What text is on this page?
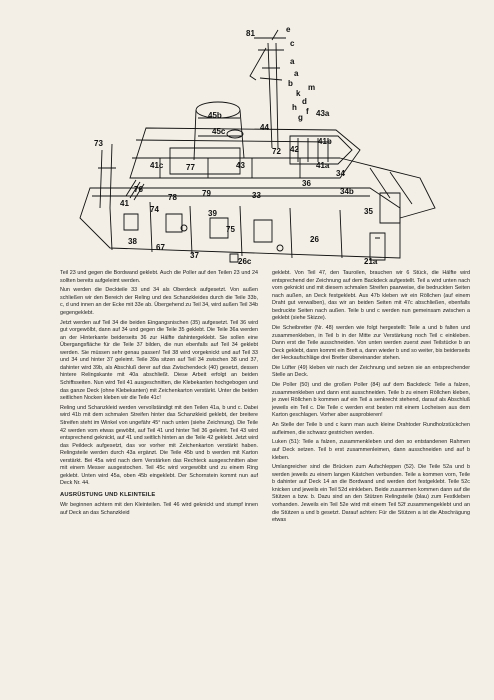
81	e
c
a
a
b
k
d
m
h f
g 43a
45b
45c	44
73
72 42
41b
41a
34
36
34b
35
41c	77	43
76
78
41
74
79	33
39
38
67
75
26
21a
26c
37

Teil 23 und gegen die Bordwand geklebt. Auch die Poller auf den Teilen 23 und 24 sollten bereits aufgeleimt werden.

Nun werden die Deckteile 33 und 34 als Oberdeck aufgesetzt. Von außen schließen wir den Bereich der Reling und des Schanzkleides durch die Teile 33b, c, d und innen an der Ecke mit 33e ab. Übergehend zu Teil 34, wird außen Teil 34b gegengeklebt.

Jetzt werden auf Teil 34 die beiden Eingangsnischen (35) aufgesetzt. Teil 36 wird gut vorgewölbt, dann auf 34 und gegen die Teile 35 geklebt. Die Teile 36a werden an der Hinterkante beiderseits 36 zur Hälfte dahintergeklebt. Sie sollen eine Übergangsfläche für die Teile 37 bilden, die nun ebenfalls auf Teil 34 geklebt werden. Sie müssen sehr genau passen! Teil 38 wird vorgeknickt und auf Teil 33 und 34 und hinter 37 geleimt. Teile 39a sitzen auf Teil 34 zwischen 38 und 37, dahinter wird 39b, als Abschluß derer auf das Zwischendeck (40) gesetzt, dessen hintere Relingskante mit 40a abschließt. Diese Arbeit erfolgt an beiden Schiffsseiten. Nun wird Teil 41 ausgeschnitten, die Klebekanten hochgebogen und das ganze Deck (ohne Klebekanten) mit Zeichenkarton verstärkt. Unter die beiden seitlichen Nocken kleben wir die Teile 41c!

Reling und Schanzkleid werden vervollständigt mit den Teilen 41a, b und c. Dabei wird 41b mit dem schmalen Streifen hinter das Schanzkleid geklebt, der breitere Streifen steht im Winkel von ungefähr 45° nach unten (siehe Zeichnung). Die Teile 42 werden vom etwas gewölbt, auf Teil 41 und hinter Teil 36 geleimt. Teil 43 wird entsprechend geknickt, auf 41 und seitlich hinten an die Teile 42 geklebt. Jetzt wird das Peildeck aufgesetzt, das vor vorher mit Zeichenkarton verstärkt haben. Relingsteile werden durch 43a ergänzt. Die Teile 45b und b werden mit Karton verstärkt. Bei 45a wird nach dem Verstärken das Rechteck ausgeschnitten aber mit einem Messer ausgestochen. Teil 45c wird vorgewölbt und zu einem Ring geklebt. Unten wird 45a, oben 45b eingeklebt. Der Schornstein kommt nun auf Deck Nr. 44.

AUSRÜSTUNG UND KLEINTEILE

Wir beginnen achtern mit den Kleinteilen. Teil 46 wird geknickt und stumpf innen auf Deck an das Schanzkleid

geklebt. Von Teil 47, den Tauroilen, brauchen wir 6 Stück, die Hälfte wird entsprechend der Zeichnung auf dem Backdeck aufgestellt. Teil a wird unten nach vorn geknickt und mit diesem schmalen Streifen paarweise, die bedruckten Seiten nach außen, an Deck festgeklebt. Aus 47b kleben wir ein Röllchen (auf einem Draht gut verwalben), das wir an beiden Seiten mit 47c abschließen, ebenfalls bedruckte Seiten nach außen. Teile b und c werden nun gemeinsam zwischen a geklebt (siehe Skizze).

Die Scheibretter (Nr. 48) werden wie folgt hergestellt: Teile a und b falten und zusammenkleben, in Teil b in der Mitte zur Verstärkung noch Teil c einkleben. Dann erst die Teile ausschneiden. Von unten werden zuerst zwei Teilstücke b an Deck geklebt, dann kommt ein Brett a, dann wieder b und so weiter, bis beiderseits der Heckaufschläge drei Bretter übereinander stehen.

Die Lüfter (49) kleben wir nach der Zeichnung und setzen sie an entsprechender Stelle an Deck.

Die Poller (50) und die großen Poller (84) auf dem Backdeck: Teile a falzen, zusammenkleben und dann erst ausschneiden. Teile b zu einem Röllchen kleben, je zwei Röllchen b kommen auf ein Teil a senkrecht stehend, darauf als Abschluß jeweils ein Teil c. Die Teile c werden erst besten mit einem Locheisen aus dem Karton geschlagen. Vorher aber ausprobieren!

An Stelle der Teile b und c kann man auch kleine Drahtoder Rundholzstückchen aufleimen, die schwarz gestrichen werden.

Luken (51): Teile a falzen, zusammenkleben und den so entstandenen Rahmen auf Deck setzen. Teil b erst zusammenleimen, dann ausschneiden und auf b kleben.

Umlangreicher sind die Brücken zum Aufschleppen (52). Die Teile 52a und b werden jeweils zu einem langen Kästchen verbunden. Teile a kommen vorn, Teile b dahinter auf Deck 14 an die Bordwand und werden dort festgeklebt. Teile 52c knicken und jeweils ein Teil 52d einkleben. Beide zusammen kommen dann auf die Stützen a bzw. b. Dazu sind an den Stützen Relingsteile (blau) zum Festkleben vorhanden. Jeweils ein Teil 52e wird mit einem Teil 52f zusammengeklebt und an die Stützen a und b gesetzt. Darauf achten: Für die Stützen a ist die Abschrägung etwas
